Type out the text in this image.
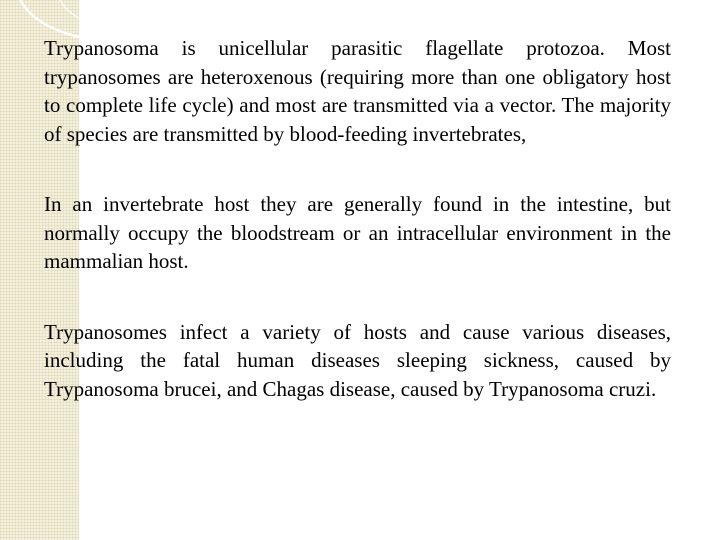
Trypanosoma is unicellular parasitic flagellate protozoa. Most trypanosomes are heteroxenous (requiring more than one obligatory host to complete life cycle) and most are transmitted via a vector. The majority of species are transmitted by blood-feeding invertebrates,

In an invertebrate host they are generally found in the intestine, but normally occupy the bloodstream or an intracellular environment in the mammalian host.

Trypanosomes infect a variety of hosts and cause various diseases, including the fatal human diseases sleeping sickness, caused by Trypanosoma brucei, and Chagas disease, caused by Trypanosoma cruzi.
